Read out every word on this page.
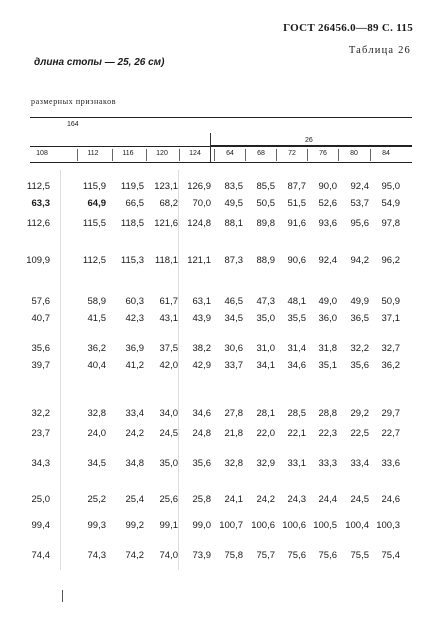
ГОСТ 26456.0—89 С. 115
Таблица 26
длина стопы — 25, 26 см)
размерных признаков
164
26
108	112	116	120	124	64	68	72	76	80	84
112,5	115,9	119,5	123,1 126,9	83,5	85,5	87,7	90,0	92,4	95,0
63,3	64,9	66,5	68,2	70,0	49,5	50,5	51,5	52,6	53,7	54,9
112,6	115,5	118,5	121,6 124,8	88,1	89,8	91,6	93,6	95,6	97,8
109,9	112,5	115,3	118,1 121,1	87,3	88,9	90,6	92,4	94,2	96,2
57,6	58,9	60,3	61,7	63,1	46,5	47,3	48,1	49,0	49,9	50,9
40,7	41,5	42,3	43,1	43,9	34,5	35,0	35,5	36,0	36,5	37,1
35,6	36,2	36,9	37,5	38,2	30,6	31,0	31,4	31,8	32,2	32,7
39,7	40,4	41,2	42,0	42,9	33,7	34,1	34,6	35,1	35,6	36,2
32,2	32,8	33,4	34,0	34,6	27,8	28,1	28,5	28,8	29,2	29,7
23,7	24,0	24,2	24,5	24,8	21,8	22,0	22,1	22,3	22,5	22,7
34,3	34,5	34,8	35,0	35,6	32,8	32,9	33,1	33,3	33,4	33,6
25,0	25,2	25,4	25,6	25,8	24,1	24,2	24,3	24,4	24,5	24,6
99,4	99,3	99,2	99,1	99,0 100,7 100,6 100,6 100,5 100,4 100,3
74,4	74,3	74,2	74,0	73,9	75,8	75,7	75,6	75,6	75,5	75,4
